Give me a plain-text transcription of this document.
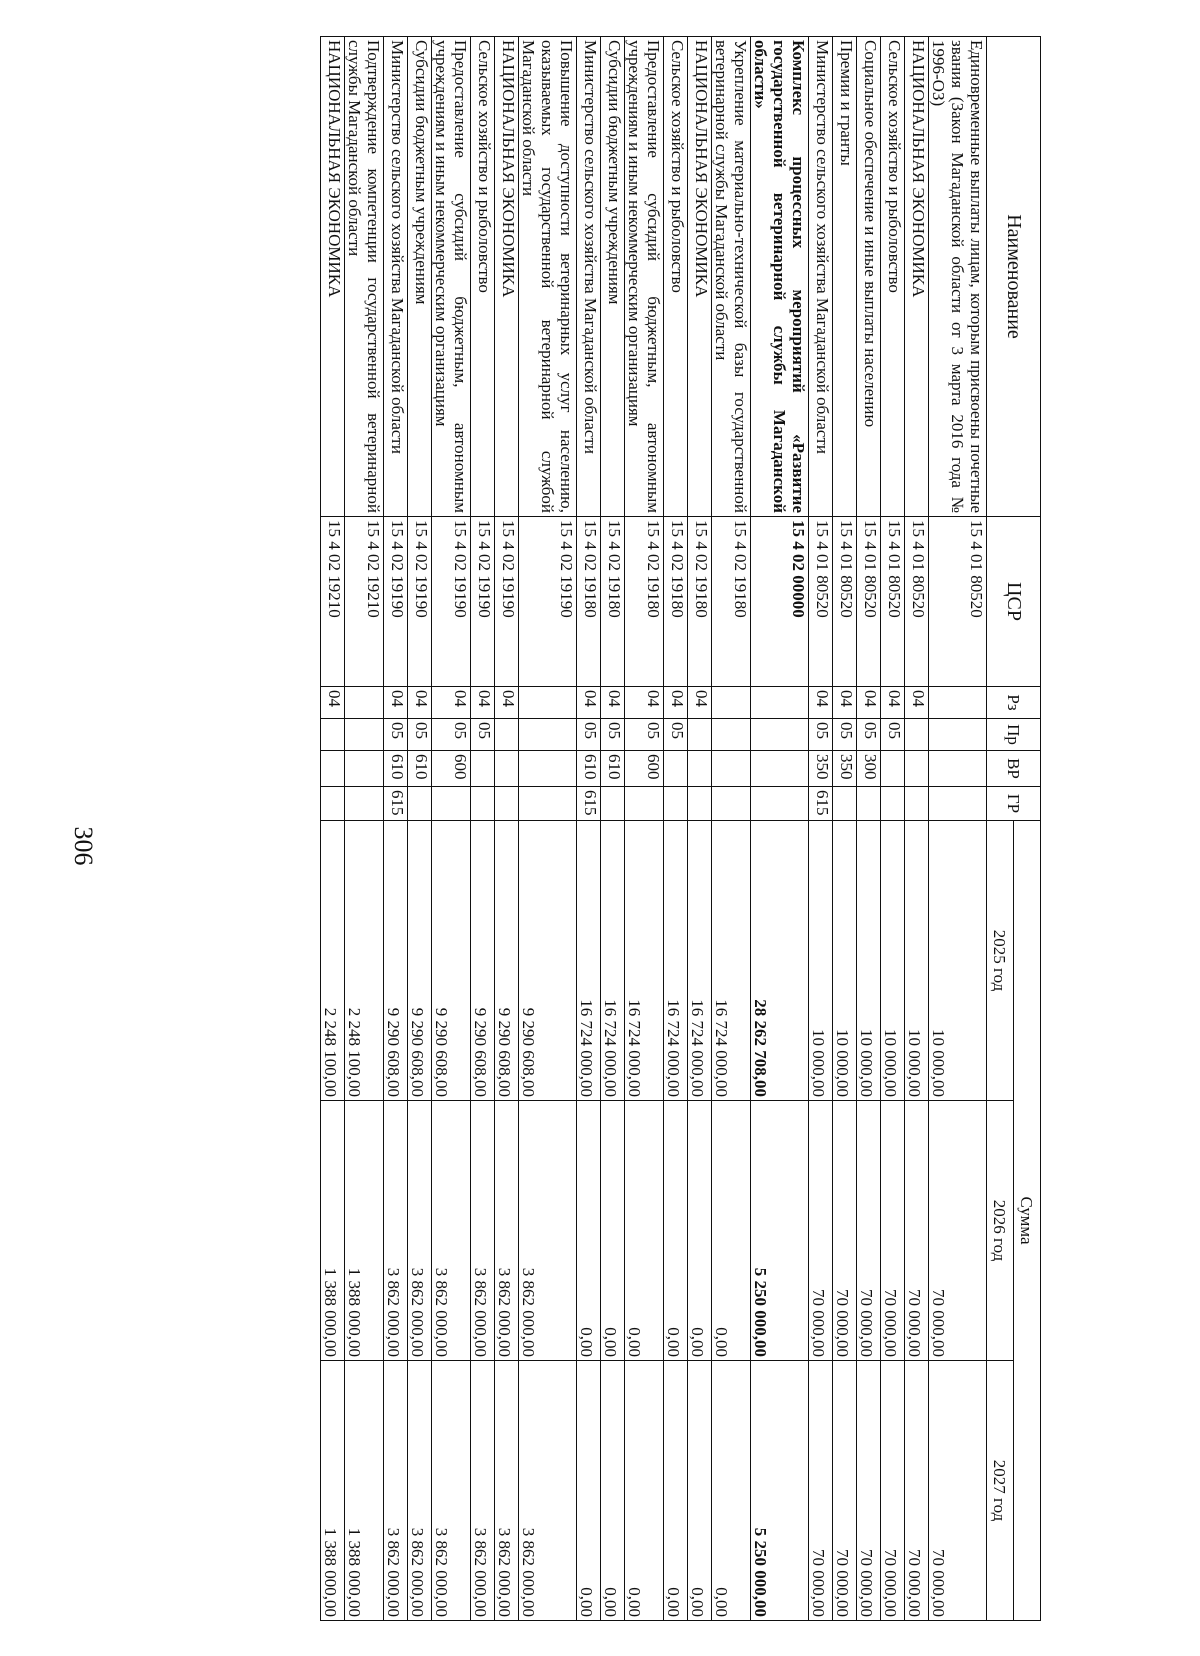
306
Наименование	ЦСР	Рз	Пр	ВР	ГР	Сумма		
						2025 год	2026 год	2027 год
Единовременные выплаты лицам, которым присвоены почетные звания (Закон Магаданской области от 3 марта 2016 года № 1996-ОЗ)	15 4 01 80520					10 000,00	70 000,00	70 000,00
НАЦИОНАЛЬНАЯ ЭКОНОМИКА	15 4 01 80520	04				10 000,00	70 000,00	70 000,00
Сельское хозяйство и рыболовство	15 4 01 80520	04	05			10 000,00	70 000,00	70 000,00
Социальное обеспечение и иные выплаты населению	15 4 01 80520	04	05	300		10 000,00	70 000,00	70 000,00
Премии и гранты	15 4 01 80520	04	05	350		10 000,00	70 000,00	70 000,00
Министерство сельского хозяйства Магаданской области	15 4 01 80520	04	05	350	615	10 000,00	70 000,00	70 000,00
Комплекс процессных мероприятий «Развитие государственной ветеринарной службы Магаданской области»	15 4 02 00000					28 262 708,00	5 250 000,00	5 250 000,00
Укрепление материально-технической базы государственной ветеринарной службы Магаданской области	15 4 02 19180					16 724 000,00	0,00	0,00
НАЦИОНАЛЬНАЯ ЭКОНОМИКА	15 4 02 19180	04				16 724 000,00	0,00	0,00
Сельское хозяйство и рыболовство	15 4 02 19180	04	05			16 724 000,00	0,00	0,00
Предоставление субсидий бюджетным, автономным учреждениям и иным некоммерческим организациям	15 4 02 19180	04	05	600		16 724 000,00	0,00	0,00
Субсидии бюджетным учреждениям	15 4 02 19180	04	05	610		16 724 000,00	0,00	0,00
Министерство сельского хозяйства Магаданской области	15 4 02 19180	04	05	610	615	16 724 000,00	0,00	0,00
Повышение доступности ветеринарных услуг населению, оказываемых государственной ветеринарной службой Магаданской области	15 4 02 19190					9 290 608,00	3 862 000,00	3 862 000,00
НАЦИОНАЛЬНАЯ ЭКОНОМИКА	15 4 02 19190	04				9 290 608,00	3 862 000,00	3 862 000,00
Сельское хозяйство и рыболовство	15 4 02 19190	04	05			9 290 608,00	3 862 000,00	3 862 000,00
Предоставление субсидий бюджетным, автономным учреждениям и иным некоммерческим организациям	15 4 02 19190	04	05	600		9 290 608,00	3 862 000,00	3 862 000,00
Субсидии бюджетным учреждениям	15 4 02 19190	04	05	610		9 290 608,00	3 862 000,00	3 862 000,00
Министерство сельского хозяйства Магаданской области	15 4 02 19190	04	05	610	615	9 290 608,00	3 862 000,00	3 862 000,00
Подтверждение компетенции государственной ветеринарной службы Магаданской области	15 4 02 19210					2 248 100,00	1 388 000,00	1 388 000,00
НАЦИОНАЛЬНАЯ ЭКОНОМИКА	15 4 02 19210	04				2 248 100,00	1 388 000,00	1 388 000,00
